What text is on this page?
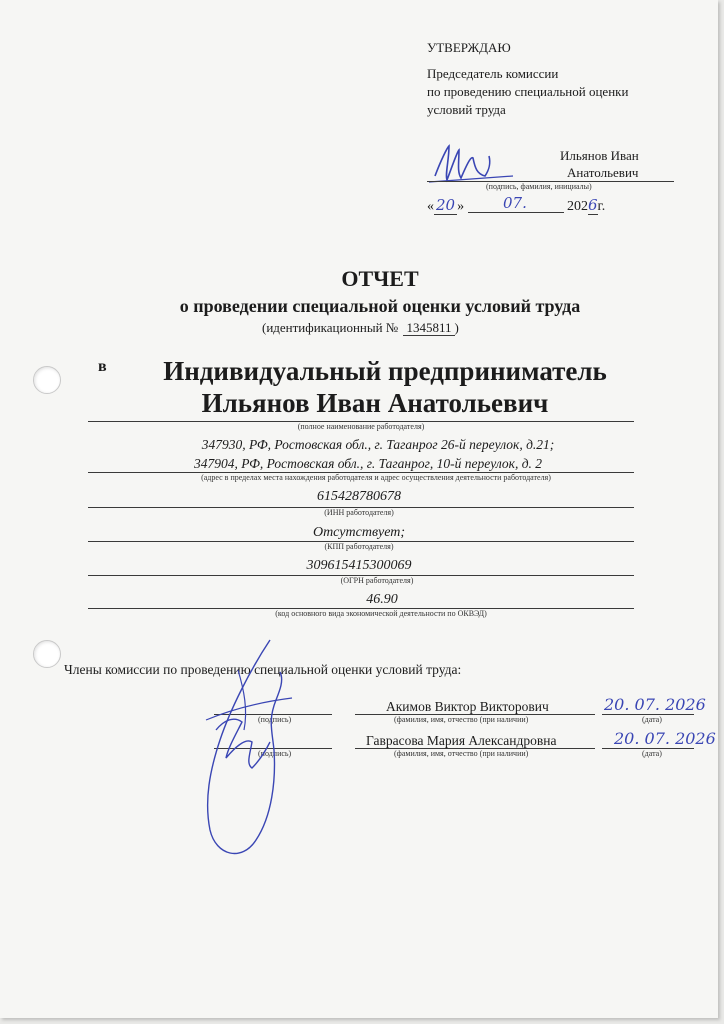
УТВЕРЖДАЮ
Председатель комиссии
по проведению специальной оценки
условий труда
Ильянов Иван
Анатольевич
(подпись, фамилия, инициалы)
« 20 »	07.	2026г.
ОТЧЕТ
о проведении специальной оценки условий труда
(идентификационный № 1345811 )
в	Индивидуальный предприниматель
Ильянов Иван Анатольевич
(полное наименование работодателя)
347930, РФ, Ростовская обл., г. Таганрог 26-й переулок, д.21;
347904, РФ, Ростовская обл., г. Таганрог, 10-й переулок, д. 2
(адрес в пределах места нахождения работодателя и адрес осуществления деятельности работодателя)
615428780678
(ИНН работодателя)
Отсутствует;
(КПП работодателя)
309615415300069
(ОГРН работодателя)
46.90
(код основного вида экономической деятельности по ОКВЭД)
Члены комиссии по проведению специальной оценки условий труда:
(подпись)
Акимов Виктор Викторович
(фамилия, имя, отчество (при наличии)
20. 07. 2026
(дата)
(подпись)
Гаврасова Мария Александровна
(фамилия, имя, отчество (при наличии)
20. 07. 2026
(дата)
